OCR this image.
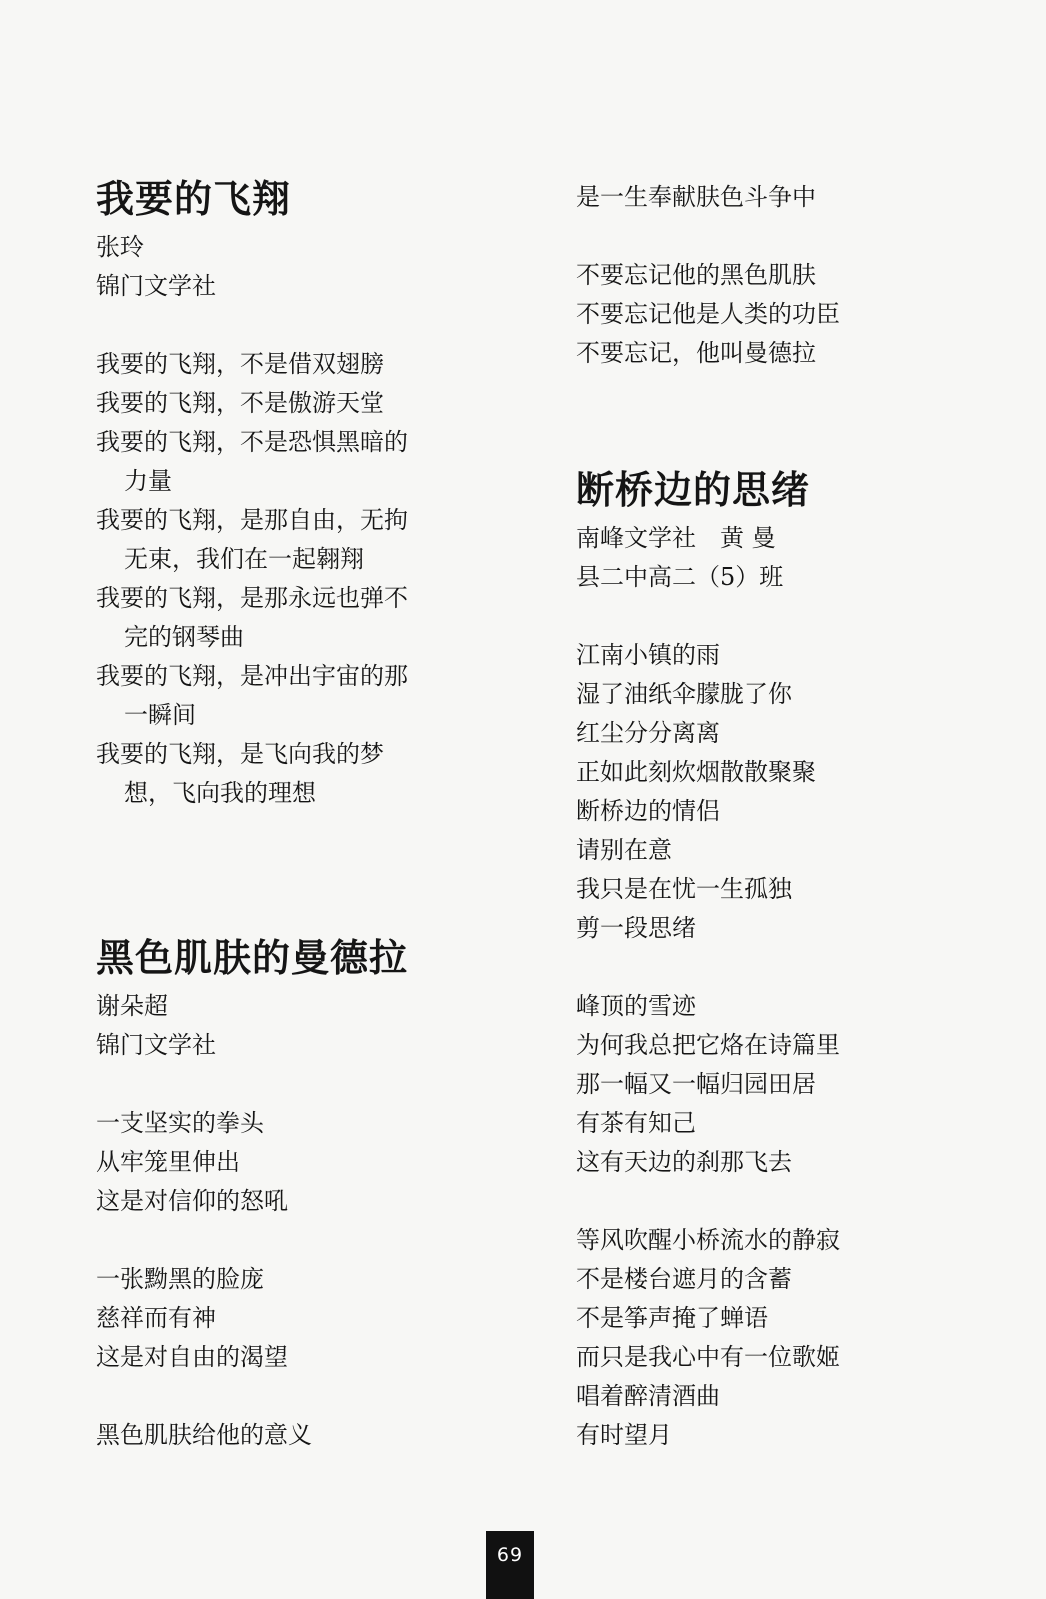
我要的飞翔
张玲
锦门文学社
我要的飞翔，不是借双翅膀
我要的飞翔，不是傲游天堂
我要的飞翔，不是恐惧黑暗的
力量
我要的飞翔，是那自由，无拘
无束，我们在一起翱翔
我要的飞翔，是那永远也弹不
完的钢琴曲
我要的飞翔，是冲出宇宙的那
一瞬间
我要的飞翔，是飞向我的梦
想，飞向我的理想
黑色肌肤的曼德拉
谢朵超
锦门文学社
一支坚实的拳头
从牢笼里伸出
这是对信仰的怒吼
一张黝黑的脸庞
慈祥而有神
这是对自由的渴望
黑色肌肤给他的意义
是一生奉献肤色斗争中
不要忘记他的黑色肌肤
不要忘记他是人类的功臣
不要忘记，他叫曼德拉
断桥边的思绪
南峰文学社　黄 曼
县二中高二（5）班
江南小镇的雨
湿了油纸伞朦胧了你
红尘分分离离
正如此刻炊烟散散聚聚
断桥边的情侣
请别在意
我只是在忧一生孤独
剪一段思绪
峰顶的雪迹
为何我总把它烙在诗篇里
那一幅又一幅归园田居
有茶有知己
这有天边的刹那飞去
等风吹醒小桥流水的静寂
不是楼台遮月的含蓄
不是筝声掩了蝉语
而只是我心中有一位歌姬
唱着醉清酒曲
有时望月
69
